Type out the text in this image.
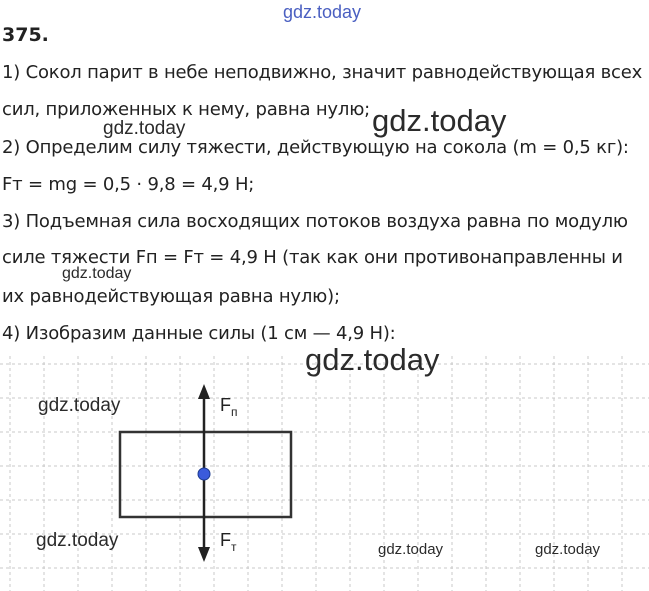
gdz.today
375.
1) Сокол парит в небе неподвижно, значит равнодействующая всех
сил, приложенных к нему, равна нулю;
2) Определим силу тяжести, действующую на сокола (m = 0,5 кг):
Fт = mg = 0,5 · 9,8 = 4,9 Н;
3) Подъемная сила восходящих потоков воздуха равна по модулю
силе тяжести Fп = Fт = 4,9 Н (так как они противонаправленны и
их равнодействующая равна нулю);
4) Изобразим данные силы (1 см — 4,9 Н):
gdz.today	gdz.today
gdz.today
$F_п$
$F_т$
gdz.today
gdz.today
gdz.today	gdz.today	gdz.today
